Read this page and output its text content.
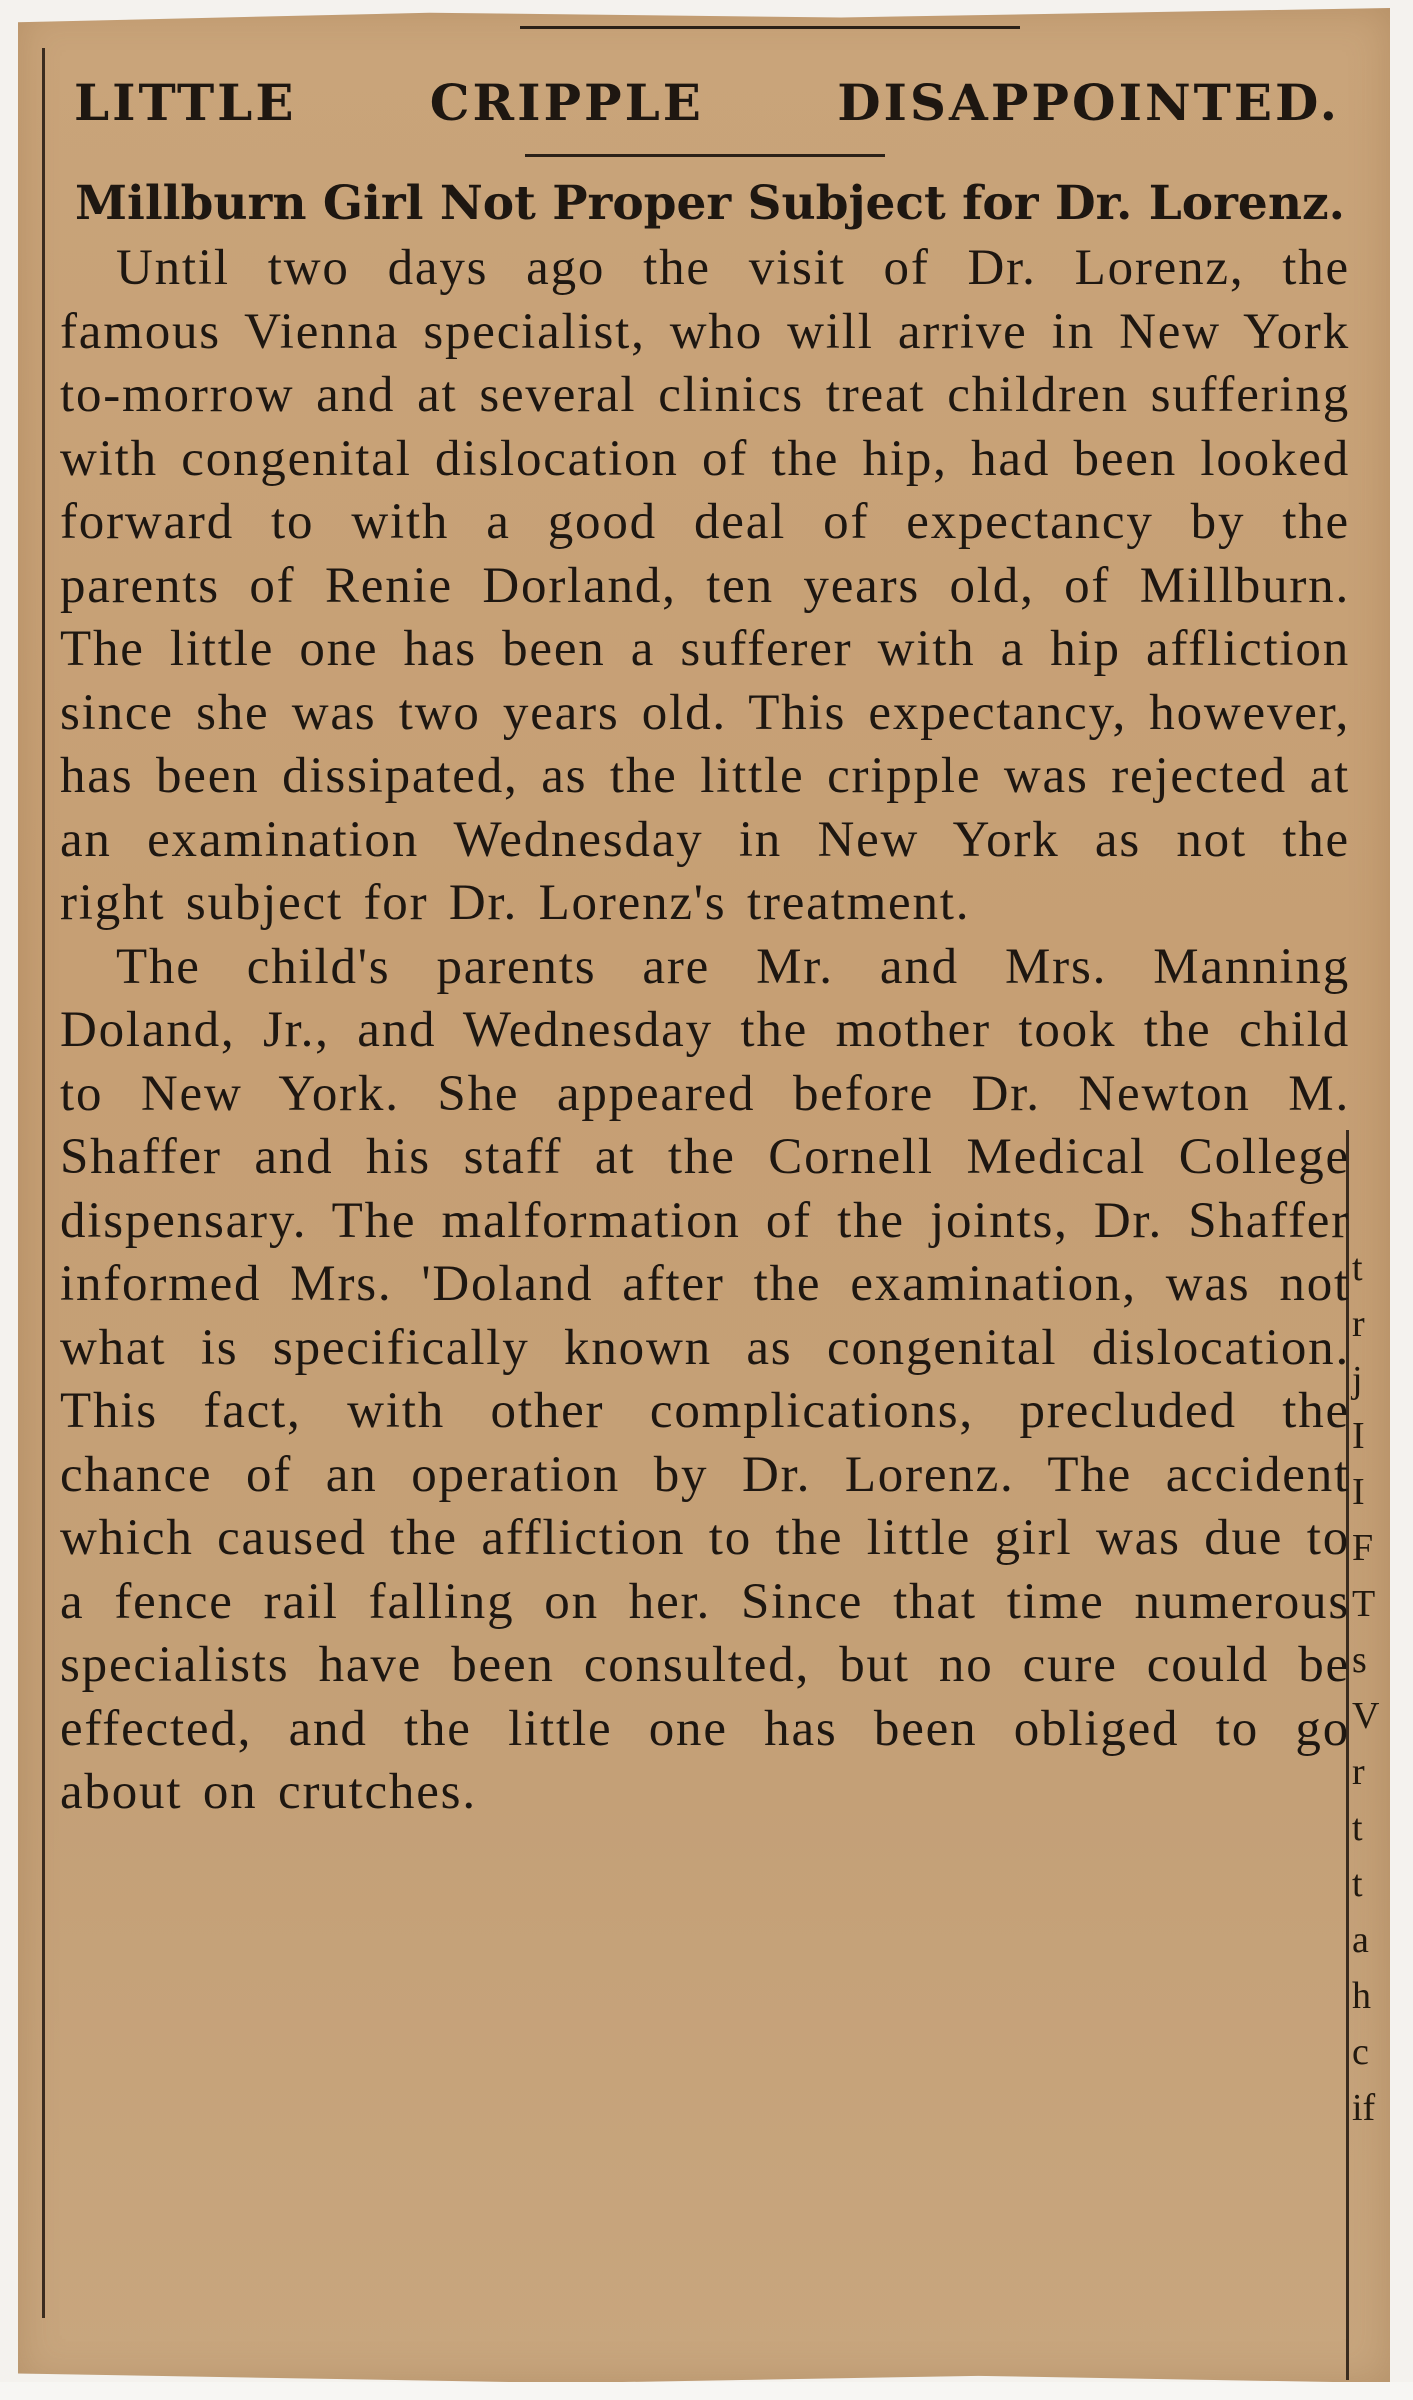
LITTLE	CRIPPLE	DISAPPOINTED.
Millburn Girl Not Proper Subject for Dr. Lorenz.

Until two days ago the visit of Dr. Lorenz, the famous Vienna specialist, who will arrive in New York to-morrow and at several clinics treat children suffering with congenital dislocation of the hip, had been looked forward to with a good deal of expectancy by the parents of Renie Dorland, ten years old, of Millburn. The little one has been a sufferer with a hip affliction since she was two years old. This expectancy, however, has been dissipated, as the little cripple was rejected at an examination Wednesday in New York as not the right subject for Dr. Lorenz's treatment.

The child's parents are Mr. and Mrs. Manning Doland, Jr., and Wednesday the mother took the child to New York. She appeared before Dr. Newton M. Shaffer and his staff at the Cornell Medical College dispensary. The malformation of the joints, Dr. Shaffer informed Mrs. 'Doland after the examination, was not what is specifically known as congenital dislocation. This fact, with other complications, precluded the chance of an operation by Dr. Lorenz. The accident which caused the affliction to the little girl was due to a fence rail falling on her. Since that time numerous specialists have been consulted, but no cure could be effected, and the little one has been obliged to go about on crutches.

t
r
j
I
I
F
T
s
V
r
t
t
a
h
c
if
